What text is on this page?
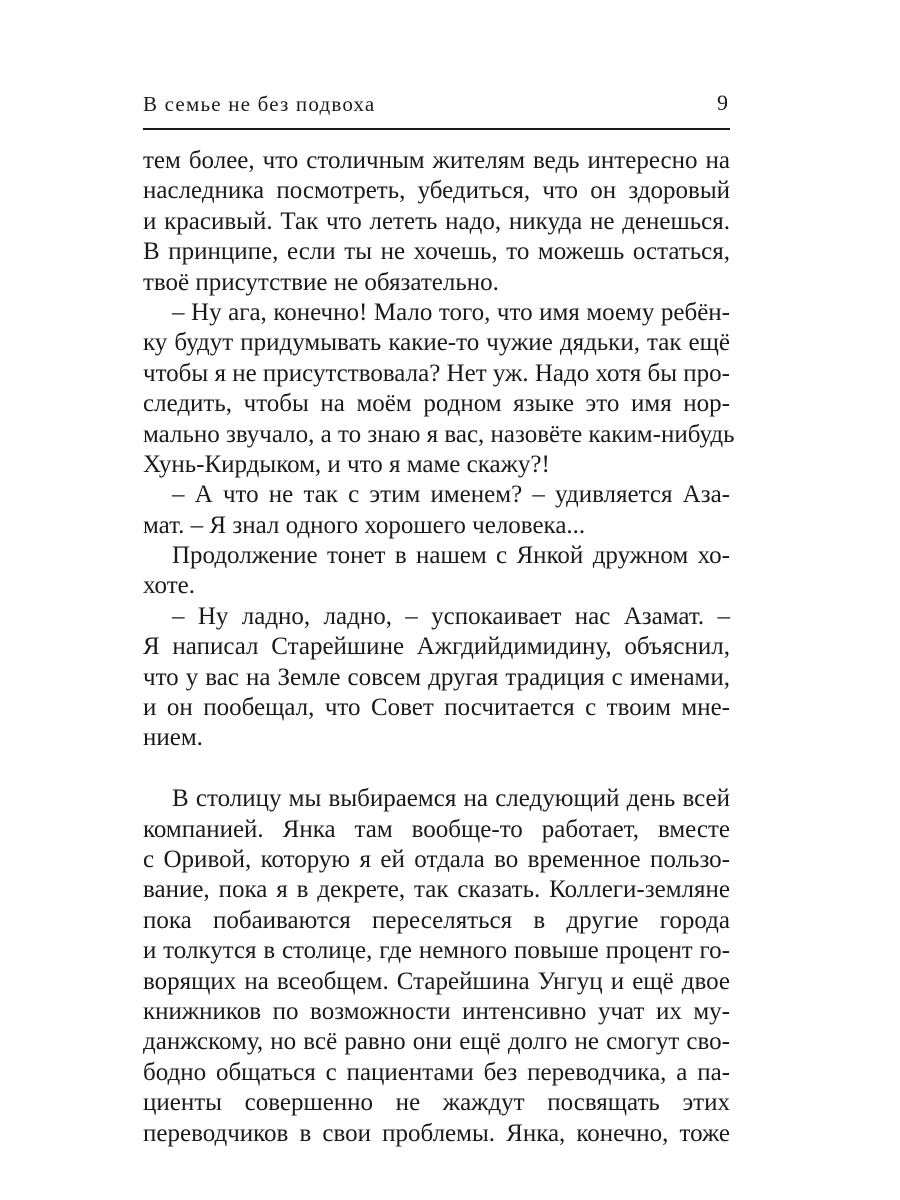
В семье не без подвоха	9
тем более, что столичным жителям ведь интересно на
наследника посмотреть, убедиться, что он здоровый
и красивый. Так что лететь надо, никуда не денешься.
В принципе, если ты не хочешь, то можешь остаться,
твоё присутствие не обязательно.
– Ну ага, конечно! Мало того, что имя моему ребён-
ку будут придумывать какие-то чужие дядьки, так ещё
чтобы я не присутствовала? Нет уж. Надо хотя бы про-
следить, чтобы на моём родном языке это имя нор-
мально звучало, а то знаю я вас, назовёте каким-нибудь
Хунь-Кирдыком, и что я маме скажу?!
– А что не так с этим именем? – удивляется Аза-
мат. – Я знал одного хорошего человека...
Продолжение тонет в нашем с Янкой дружном хо-
хоте.
– Ну ладно, ладно, – успокаивает нас Азамат. –
Я написал Старейшине Ажгдийдимидину, объяснил,
что у вас на Земле совсем другая традиция с именами,
и он пообещал, что Совет посчитается с твоим мне-
нием.
В столицу мы выбираемся на следующий день всей
компанией. Янка там вообще-то работает, вместе
с Оривой, которую я ей отдала во временное пользо-
вание, пока я в декрете, так сказать. Коллеги-земляне
пока побаиваются переселяться в другие города
и толкутся в столице, где немного повыше процент го-
ворящих на всеобщем. Старейшина Унгуц и ещё двое
книжников по возможности интенсивно учат их му-
данжскому, но всё равно они ещё долго не смогут сво-
бодно общаться с пациентами без переводчика, а па-
циенты совершенно не жаждут посвящать этих
переводчиков в свои проблемы. Янка, конечно, тоже
